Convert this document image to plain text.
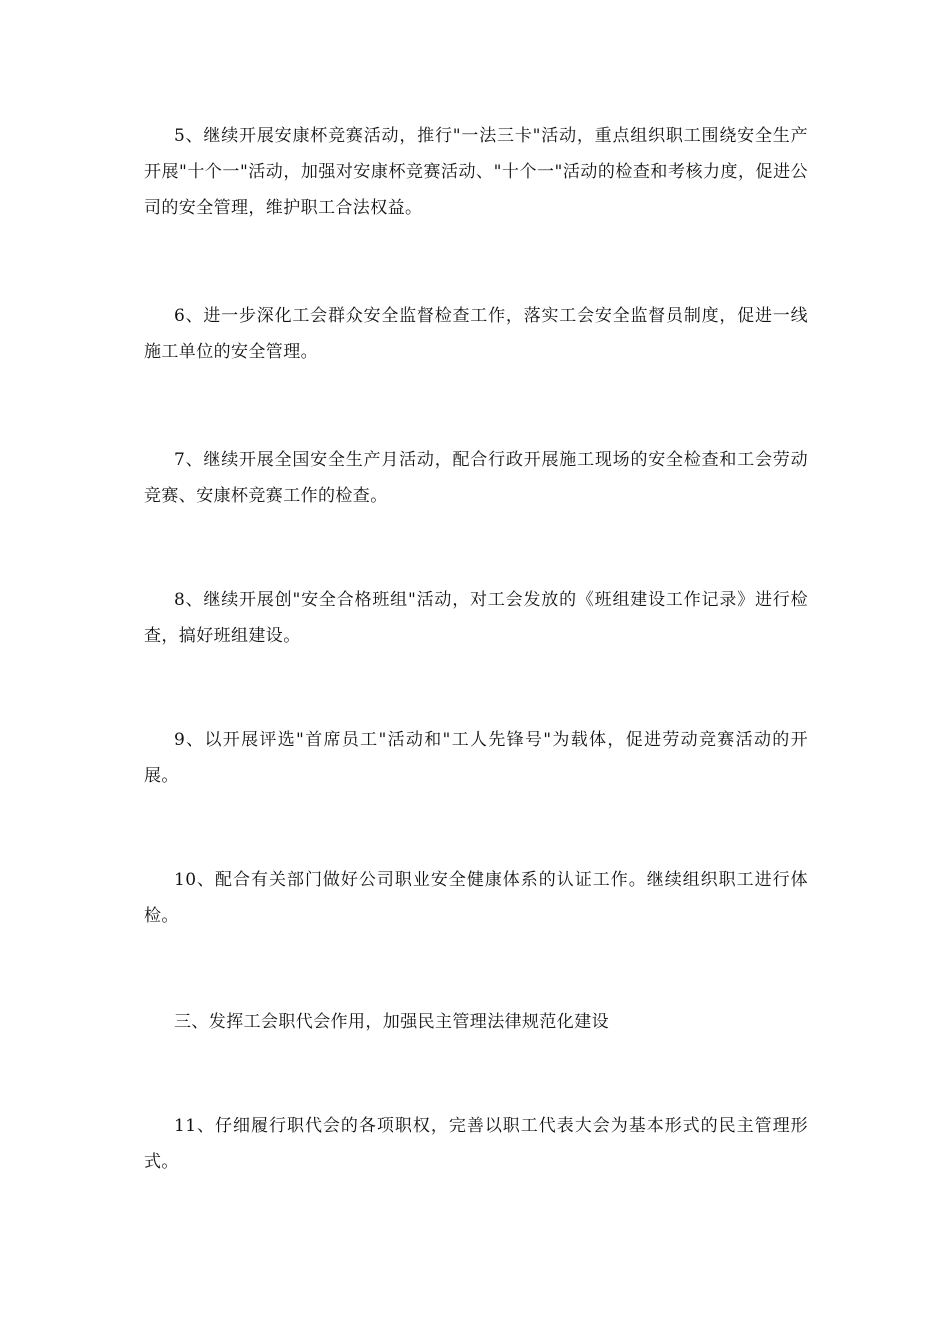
5、继续开展安康杯竞赛活动，推行"一法三卡"活动，重点组织职工围绕安全生产开展"十个一"活动，加强对安康杯竞赛活动、"十个一"活动的检查和考核力度，促进公司的安全管理，维护职工合法权益。

6、进一步深化工会群众安全监督检查工作，落实工会安全监督员制度，促进一线施工单位的安全管理。

7、继续开展全国安全生产月活动，配合行政开展施工现场的安全检查和工会劳动竞赛、安康杯竞赛工作的检查。

8、继续开展创"安全合格班组"活动，对工会发放的《班组建设工作记录》进行检查，搞好班组建设。

9、以开展评选"首席员工"活动和"工人先锋号"为载体，促进劳动竞赛活动的开展。

10、配合有关部门做好公司职业安全健康体系的认证工作。继续组织职工进行体检。

三、发挥工会职代会作用，加强民主管理法律规范化建设

11、仔细履行职代会的各项职权，完善以职工代表大会为基本形式的民主管理形式。
